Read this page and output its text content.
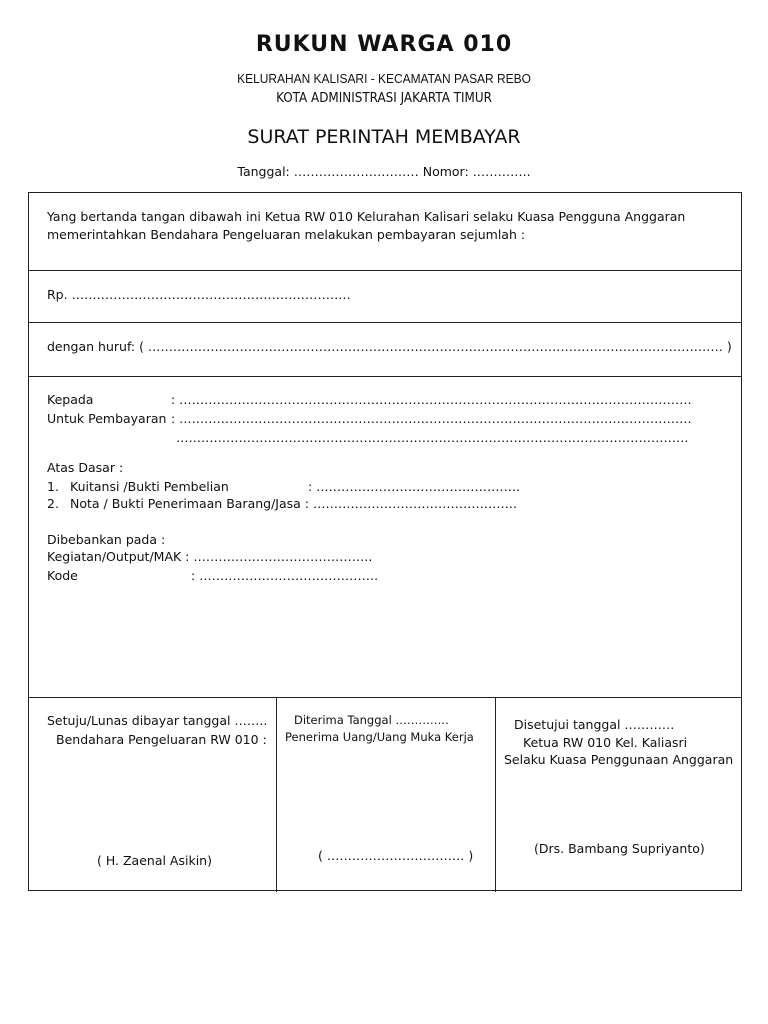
RUKUN WARGA 010
KELURAHAN KALISARI - KECAMATAN PASAR REBO
KOTA ADMINISTRASI JAKARTA TIMUR
SURAT PERINTAH MEMBAYAR
Tanggal: ………………………… Nomor: …………..
Yang bertanda tangan dibawah ini Ketua RW 010 Kelurahan Kalisari selaku Kuasa Pengguna Anggaran
memerintahkan Bendahara Pengeluaran melakukan pembayaran sejumlah :
Rp. ………………………………………………………….
dengan huruf: ( ………………………………………………………………………………………………………………………… )
Kepada	: ……………………………………………………………………………………………………………
Untuk Pembayaran : ……………………………………………………………………………………………………………
……………………………………………………………………………………………………………
Atas Dasar :
1. Kuitansi /Bukti Pembelian	: ………………………………………….
2. Nota / Bukti Penerimaan Barang/Jasa : ………………………………………….
Dibebankan pada :
Kegiatan/Output/MAK : …………………………………….
Kode	: …………………………………….
Setuju/Lunas dibayar tanggal ……..
Bendahara Pengeluaran RW 010 :
( H. Zaenal Asikin)
Diterima Tanggal …………..
Penerima Uang/Uang Muka Kerja
( …………………………… )
Disetujui tanggal …………
Ketua RW 010 Kel. Kaliasri
Selaku Kuasa Penggunaan Anggaran
(Drs. Bambang Supriyanto)
